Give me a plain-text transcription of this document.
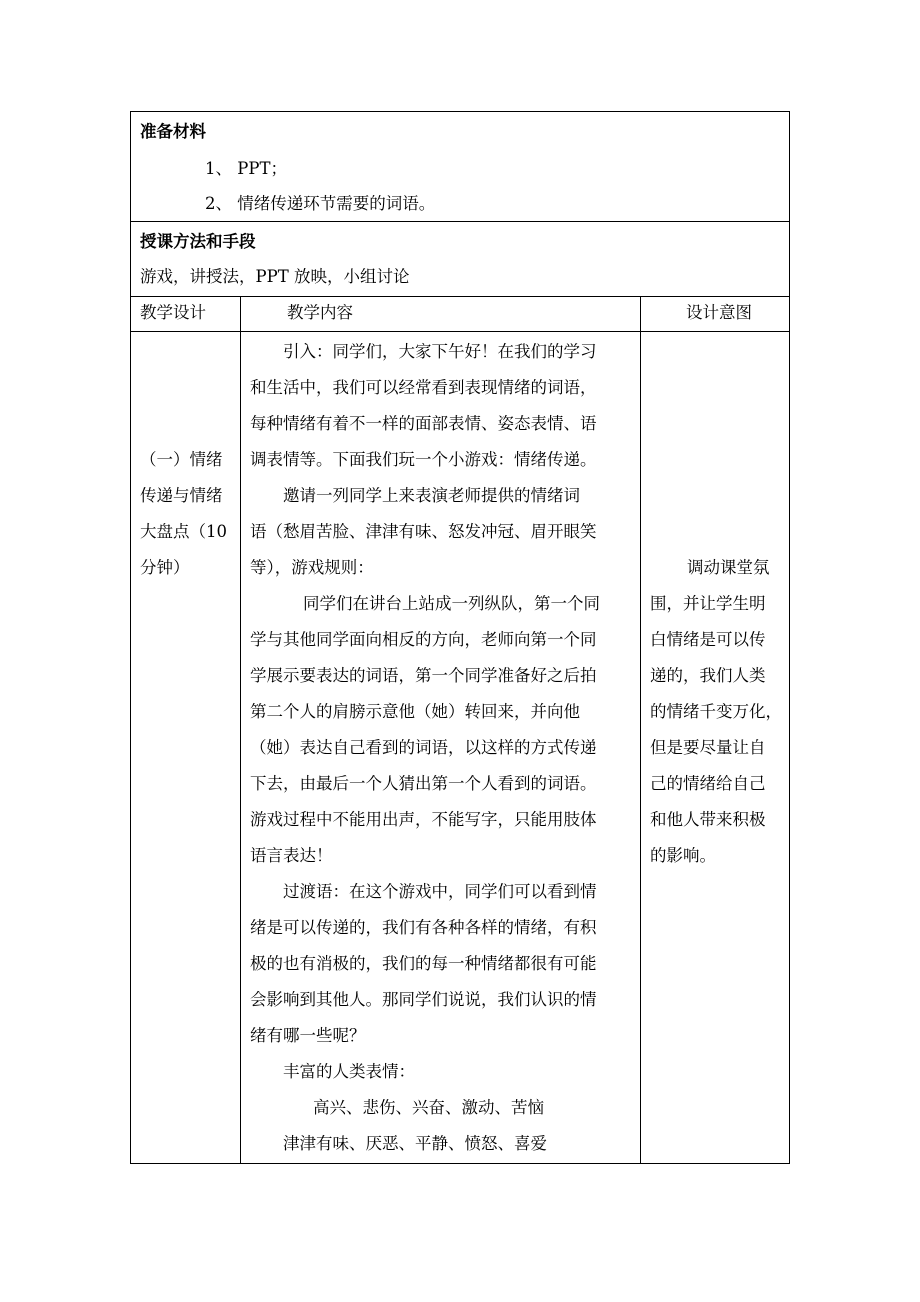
准备材料
1、 PPT；
2、 情绪传递环节需要的词语。
授课方法和手段
游戏，讲授法，PPT 放映，小组讨论
教学设计	教学内容	设计意图
（一）情绪
传递与情绪
大盘点（10
分钟）
引入：同学们，大家下午好！在我们的学习
和生活中，我们可以经常看到表现情绪的词语，
每种情绪有着不一样的面部表情、姿态表情、语
调表情等。下面我们玩一个小游戏：情绪传递。
邀请一列同学上来表演老师提供的情绪词
语（愁眉苦脸、津津有味、怒发冲冠、眉开眼笑
等），游戏规则：
同学们在讲台上站成一列纵队，第一个同
学与其他同学面向相反的方向，老师向第一个同
学展示要表达的词语，第一个同学准备好之后拍
第二个人的肩膀示意他（她）转回来，并向他
（她）表达自己看到的词语，以这样的方式传递
下去，由最后一个人猜出第一个人看到的词语。
游戏过程中不能用出声，不能写字，只能用肢体
语言表达！
过渡语：在这个游戏中，同学们可以看到情
绪是可以传递的，我们有各种各样的情绪，有积
极的也有消极的，我们的每一种情绪都很有可能
会影响到其他人。那同学们说说，我们认识的情
绪有哪一些呢？
丰富的人类表情：
高兴、悲伤、兴奋、激动、苦恼
津津有味、厌恶、平静、愤怒、喜爱
调动课堂氛
围，并让学生明
白情绪是可以传
递的，我们人类
的情绪千变万化，
但是要尽量让自
己的情绪给自己
和他人带来积极
的影响。
